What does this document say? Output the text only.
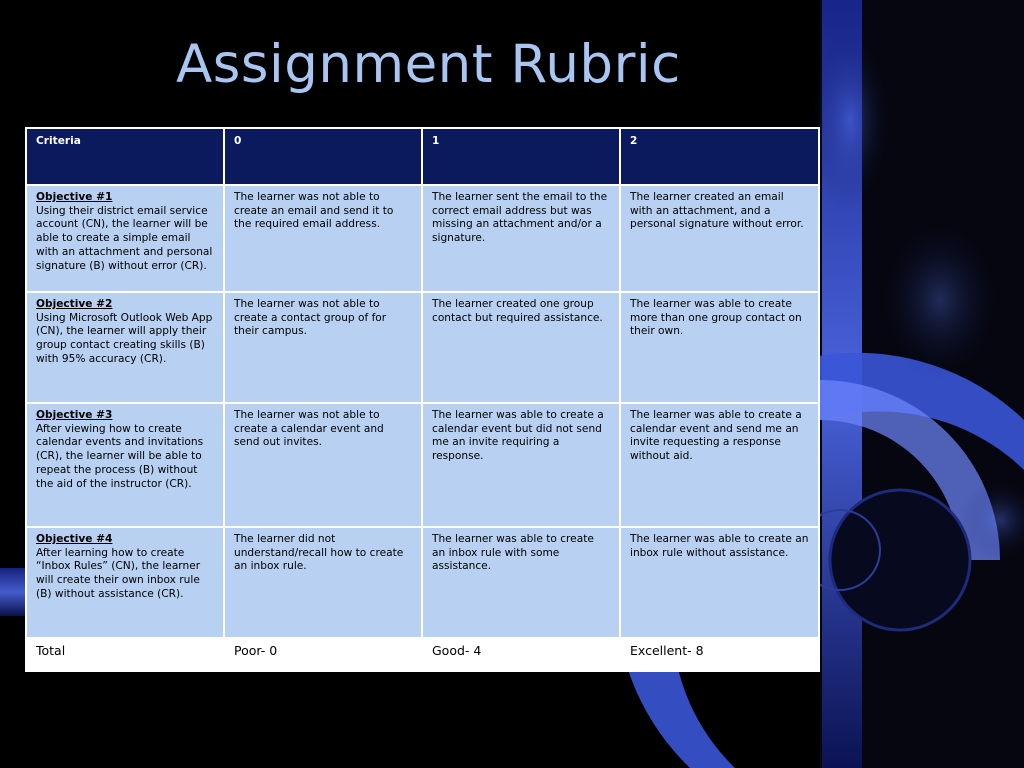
Assignment Rubric
Criteria	0	1	2

Objective #1
Using their district email service account (CN), the learner will be able to create a simple email with an attachment and personal signature (B) without error (CR).	The learner was not able to create an email and send it to the required email address.	The learner sent the email to the correct email address but was missing an attachment and/or a signature.	The learner created an email with an attachment, and a personal signature without error.

Objective #2
Using Microsoft Outlook Web App (CN), the learner will apply their group contact creating skills (B) with 95% accuracy (CR).	The learner was not able to create a contact group of for their campus.	The learner created one group contact but required assistance.	The learner was able to create more than one group contact on their own.

Objective #3
After viewing how to create calendar events and invitations (CR), the learner will be able to repeat the process (B) without the aid of the instructor (CR).	The learner was not able to create a calendar event and send out invites.	The learner was able to create a calendar event but did not send me an invite requiring a response.	The learner was able to create a calendar event and send me an invite requesting a response without aid.

Objective #4
After learning how to create “Inbox Rules” (CN), the learner will create their own inbox rule (B) without assistance (CR).	The learner did not understand/recall how to create an inbox rule.	The learner was able to create an inbox rule with some assistance.	The learner was able to create an inbox rule without assistance.
Total	Poor- 0	Good- 4	Excellent- 8
